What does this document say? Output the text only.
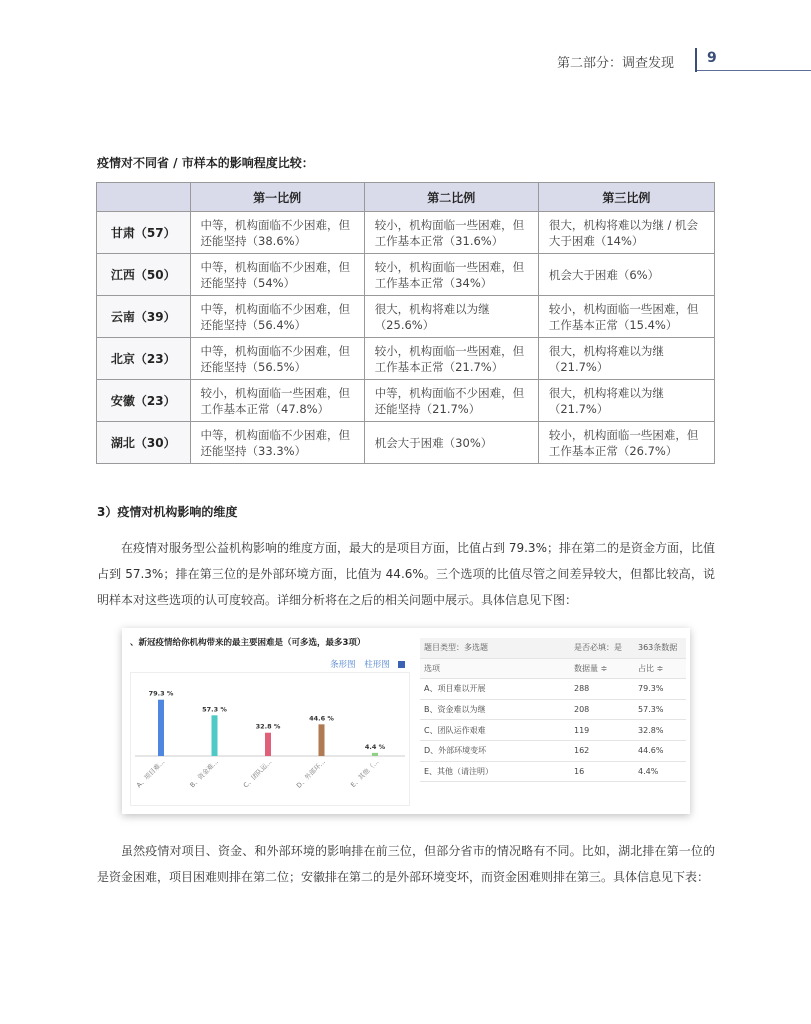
第二部分：调查发现 9
疫情对不同省 / 市样本的影响程度比较：
	第一比例	第二比例	第三比例
甘肃（57）	中等，机构面临不少困难，但还能坚持（38.6%）	较小，机构面临一些困难，但工作基本正常（31.6%）	很大，机构将难以为继 / 机会大于困难（14%）
江西（50）	中等，机构面临不少困难，但还能坚持（54%）	较小，机构面临一些困难，但工作基本正常（34%）	机会大于困难（6%）
云南（39）	中等，机构面临不少困难，但还能坚持（56.4%）	很大，机构将难以为继（25.6%）	较小，机构面临一些困难，但工作基本正常（15.4%）
北京（23）	中等，机构面临不少困难，但还能坚持（56.5%）	较小，机构面临一些困难，但工作基本正常（21.7%）	很大，机构将难以为继（21.7%）
安徽（23）	较小，机构面临一些困难，但工作基本正常（47.8%）	中等，机构面临不少困难，但还能坚持（21.7%）	很大，机构将难以为继（21.7%）
湖北（30）	中等，机构面临不少困难，但还能坚持（33.3%）	机会大于困难（30%）	较小，机构面临一些困难，但工作基本正常（26.7%）
3）疫情对机构影响的维度

在疫情对服务型公益机构影响的维度方面，最大的是项目方面，比值占到 79.3%；排在第二的是资金方面，比值占到 57.3%；排在第三位的是外部环境方面，比值为 44.6%。三个选项的比值尽管之间差异较大，但都比较高，说明样本对这些选项的认可度较高。详细分析将在之后的相关问题中展示。具体信息见下图：

、新冠疫情给你机构带来的最主要困难是（可多选，最多3项）
条形图 柱形图
79.3 %
A、项目难...
57.3 %
B、资金难...
32.8 %
C、团队运...
44.6 %
D、外部环...
4.4 %
E、其他（...
题目类型：多选题	是否必填：是	363条数据
选项	数据量 ≑	占比 ≑
A、项目难以开展	288	79.3%
B、资金难以为继	208	57.3%
C、团队运作艰难	119	32.8%
D、外部环境变坏	162	44.6%
E、其他（请注明）	16	4.4%

虽然疫情对项目、资金、和外部环境的影响排在前三位，但部分省市的情况略有不同。比如，湖北排在第一位的是资金困难，项目困难则排在第二位；安徽排在第二的是外部环境变坏，而资金困难则排在第三。具体信息见下表：
